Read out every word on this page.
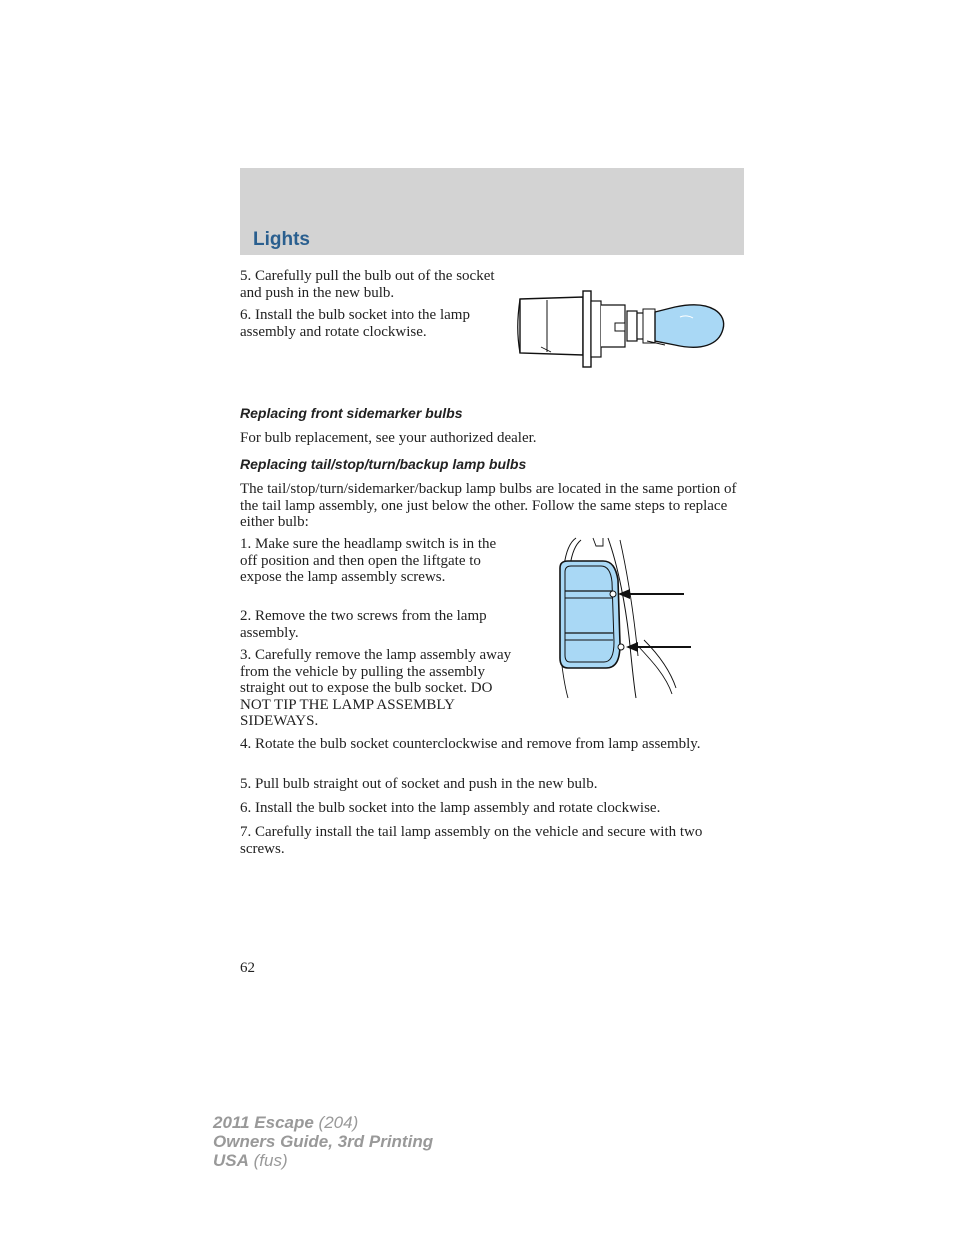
Lights

5. Carefully pull the bulb out of the socket and push in the new bulb.

6. Install the bulb socket into the lamp assembly and rotate clockwise.

Replacing front sidemarker bulbs

For bulb replacement, see your authorized dealer.

Replacing tail/stop/turn/backup lamp bulbs

The tail/stop/turn/sidemarker/backup lamp bulbs are located in the same portion of the tail lamp assembly, one just below the other. Follow the same steps to replace either bulb:

1. Make sure the headlamp switch is in the off position and then open the liftgate to expose the lamp assembly screws.

2. Remove the two screws from the lamp assembly.

3. Carefully remove the lamp assembly away from the vehicle by pulling the assembly straight out to expose the bulb socket. DO NOT TIP THE LAMP ASSEMBLY SIDEWAYS.

4. Rotate the bulb socket counterclockwise and remove from lamp assembly.

5. Pull bulb straight out of socket and push in the new bulb.

6. Install the bulb socket into the lamp assembly and rotate clockwise.

7. Carefully install the tail lamp assembly on the vehicle and secure with two screws.

62
2011 Escape (204)
Owners Guide, 3rd Printing
USA (fus)
